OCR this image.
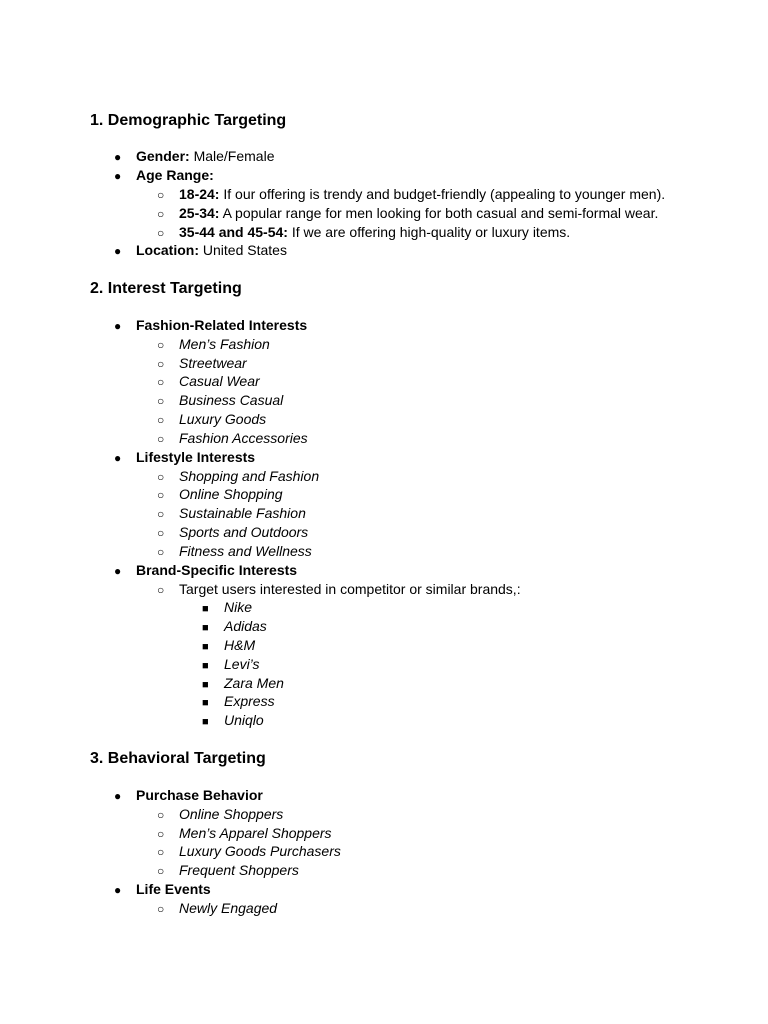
1. Demographic Targeting
● Gender: Male/Female
● Age Range:
○ 18-24: If our offering is trendy and budget-friendly (appealing to younger men).
○ 25-34: A popular range for men looking for both casual and semi-formal wear.
○ 35-44 and 45-54: If we are offering high-quality or luxury items.
● Location: United States
2. Interest Targeting
● Fashion-Related Interests
○ Men’s Fashion
○ Streetwear
○ Casual Wear
○ Business Casual
○ Luxury Goods
○ Fashion Accessories
● Lifestyle Interests
○ Shopping and Fashion
○ Online Shopping
○ Sustainable Fashion
○ Sports and Outdoors
○ Fitness and Wellness
● Brand-Specific Interests
○ Target users interested in competitor or similar brands,:
■ Nike
■ Adidas
■ H&M
■ Levi’s
■ Zara Men
■ Express
■ Uniqlo
3. Behavioral Targeting
● Purchase Behavior
○ Online Shoppers
○ Men’s Apparel Shoppers
○ Luxury Goods Purchasers
○ Frequent Shoppers
● Life Events
○ Newly Engaged
